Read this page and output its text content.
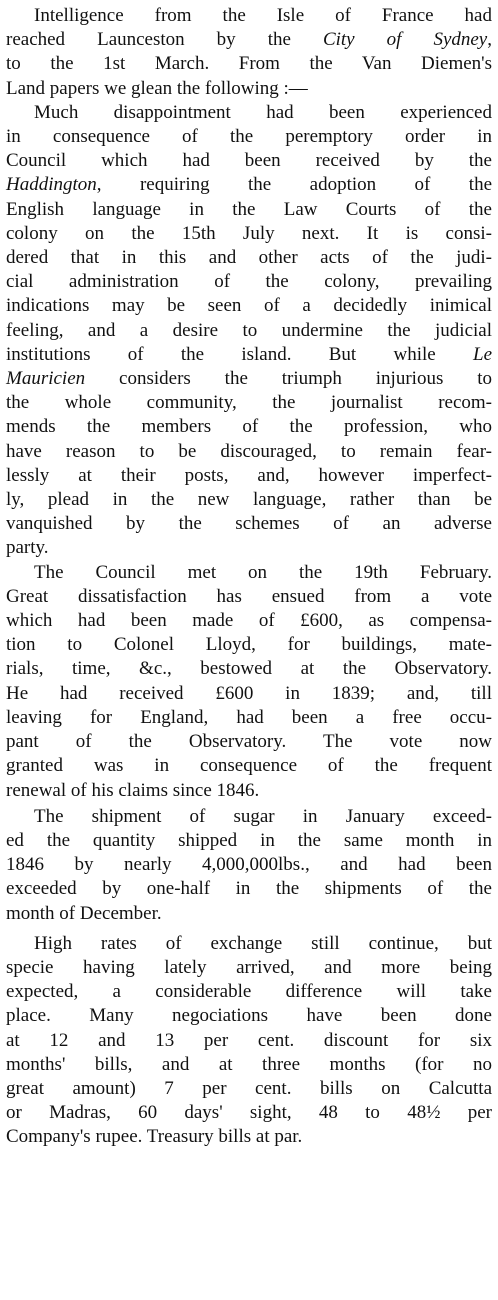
Intelligence from the Isle of France had
reached Launceston by the City of Sydney,
to the 1st March. From the Van Diemen's
Land papers we glean the following :—

Much disappointment had been experienced
in consequence of the peremptory order in
Council which had been received by the
Haddington, requiring the adoption of the
English language in the Law Courts of the
colony on the 15th July next. It is consi-
dered that in this and other acts of the judi-
cial administration of the colony, prevailing
indications may be seen of a decidedly inimical
feeling, and a desire to undermine the judicial
institutions of the island. But while Le
Mauricien considers the triumph injurious to
the whole community, the journalist recom-
mends the members of the profession, who
have reason to be discouraged, to remain fear-
lessly at their posts, and, however imperfect-
ly, plead in the new language, rather than be
vanquished by the schemes of an adverse
party.

The Council met on the 19th February.
Great dissatisfaction has ensued from a vote
which had been made of £600, as compensa-
tion to Colonel Lloyd, for buildings, mate-
rials, time, &c., bestowed at the Observatory.
He had received £600 in 1839; and, till
leaving for England, had been a free occu-
pant of the Observatory. The vote now
granted was in consequence of the frequent
renewal of his claims since 1846.

The shipment of sugar in January exceed-
ed the quantity shipped in the same month in
1846 by nearly 4,000,000lbs., and had been
exceeded by one-half in the shipments of the
month of December.

High rates of exchange still continue, but
specie having lately arrived, and more being
expected, a considerable difference will take
place. Many negociations have been done
at 12 and 13 per cent. discount for six
months' bills, and at three months (for no
great amount) 7 per cent. bills on Calcutta
or Madras, 60 days' sight, 48 to 48½ per
Company's rupee. Treasury bills at par.
